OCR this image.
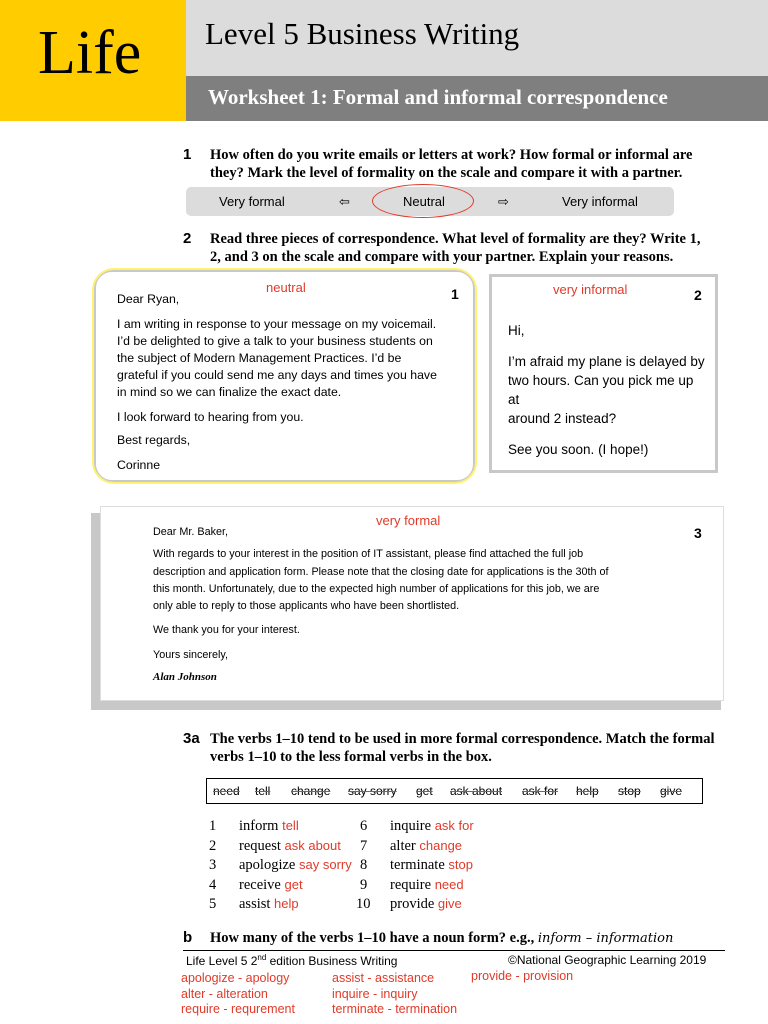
Life Level 5 Business Writing
Worksheet 1: Formal and informal correspondence
1 How often do you write emails or letters at work? How formal or informal are
they? Mark the level of formality on the scale and compare it with a partner.
Very formal	⇦	Neutral	⇨	Very informal
2 Read three pieces of correspondence. What level of formality are they? Write 1,
2, and 3 on the scale and compare with your partner. Explain your reasons.
neutral	1
Dear Ryan,
I am writing in response to your message on my voicemail.
I’d be delighted to give a talk to your business students on
the subject of Modern Management Practices. I’d be
grateful if you could send me any days and times you have
in mind so we can finalize the exact date.
I look forward to hearing from you.
Best regards,
Corinne
very informal	2
Hi,
I’m afraid my plane is delayed by
two hours. Can you pick me up at
around 2 instead?
See you soon. (I hope!)
very formal
3
Dear Mr. Baker,
With regards to your interest in the position of IT assistant, please find attached the full job
description and application form. Please note that the closing date for applications is the 30th of
this month. Unfortunately, due to the expected high number of applications for this job, we are
only able to reply to those applicants who have been shortlisted.
We thank you for your interest.
Yours sincerely,
Alan Johnson
3a The verbs 1–10 tend to be used in more formal correspondence. Match the formal
verbs 1–10 to the less formal verbs in the box.
need tell change say sorry get ask about ask for help stop give
1 inform tell
2 request ask about
3 apologize say sorry
4 receive get
5 assist help
6 inquire ask for
7 alter change
8 terminate stop
9 require need
10 provide give
b How many of the verbs 1–10 have a noun form? e.g., inform – information
Life Level 5 2nd edition Business Writing	©National Geographic Learning 2019
apologize - apology
alter - alteration
require - requrement
assist - assistance
inquire - inquiry
terminate - termination
provide - provision
